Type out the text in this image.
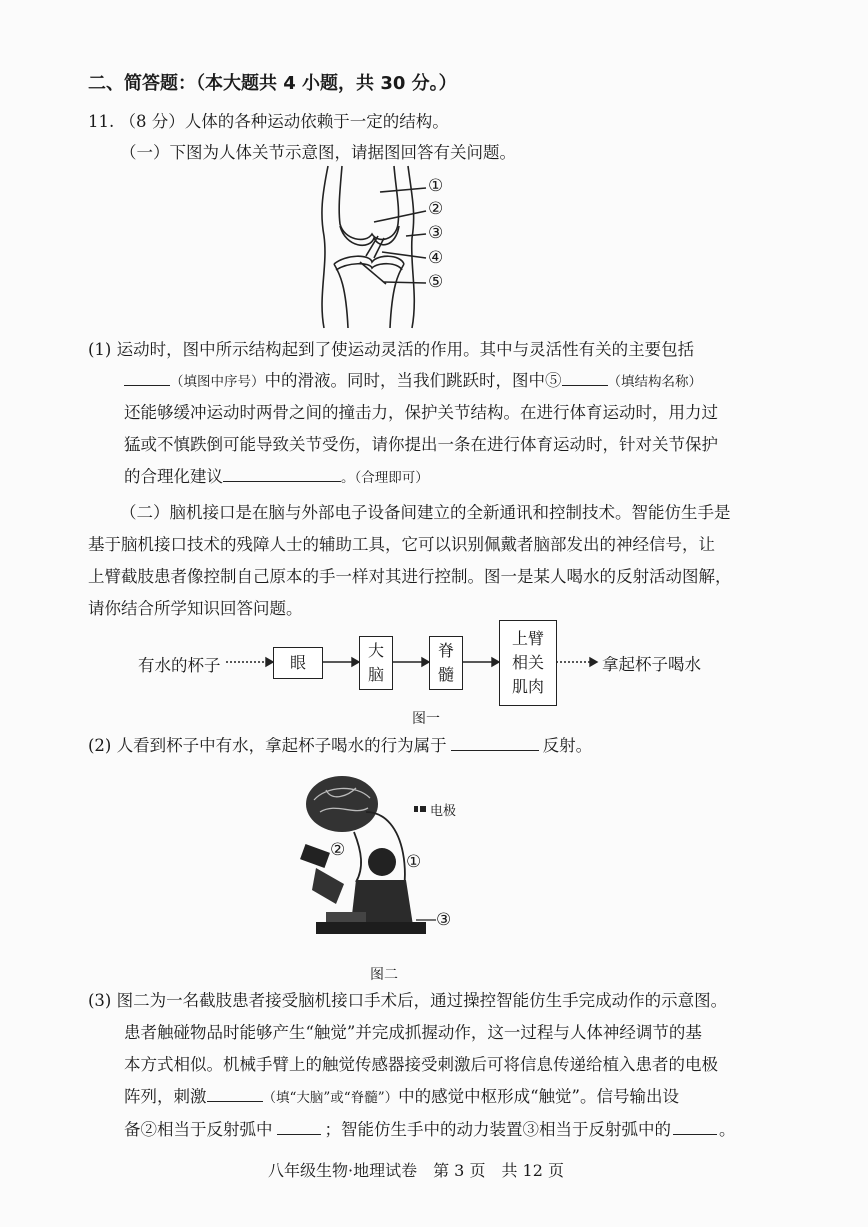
二、简答题：（本大题共 4 小题，共 30 分。）
11. （8 分）人体的各种运动依赖于一定的结构。
（一）下图为人体关节示意图，请据图回答有关问题。
①
②
③
④
⑤
(1) 运动时，图中所示结构起到了使运动灵活的作用。其中与灵活性有关的主要包括
（填图中序号）中的滑液。同时，当我们跳跃时，图中⑤	（填结构名称）
还能够缓冲运动时两骨之间的撞击力，保护关节结构。在进行体育运动时，用力过
猛或不慎跌倒可能导致关节受伤，请你提出一条在进行体育运动时，针对关节保护
的合理化建议	。（合理即可）
（二）脑机接口是在脑与外部电子设备间建立的全新通讯和控制技术。智能仿生手是
基于脑机接口技术的残障人士的辅助工具，它可以识别佩戴者脑部发出的神经信号，让
上臂截肢患者像控制自己原本的手一样对其进行控制。图一是某人喝水的反射活动图解，
请你结合所学知识回答问题。
有水的杯子	眼
大
脑
脊
髓
上臂
相关
肌肉
拿起杯子喝水
图一
(2) 人看到杯子中有水，拿起杯子喝水的行为属于	反射。
电极
①
②
③
图二
(3) 图二为一名截肢患者接受脑机接口手术后，通过操控智能仿生手完成动作的示意图。
患者触碰物品时能够产生“触觉”并完成抓握动作，这一过程与人体神经调节的基
本方式相似。机械手臂上的触觉传感器接受刺激后可将信息传递给植入患者的电极
阵列，刺激	（填“大脑”或“脊髓”）中的感觉中枢形成“触觉”。信号输出设
备②相当于反射弧中	；智能仿生手中的动力装置③相当于反射弧中的	。
八年级生物·地理试卷　第 3 页　共 12 页
